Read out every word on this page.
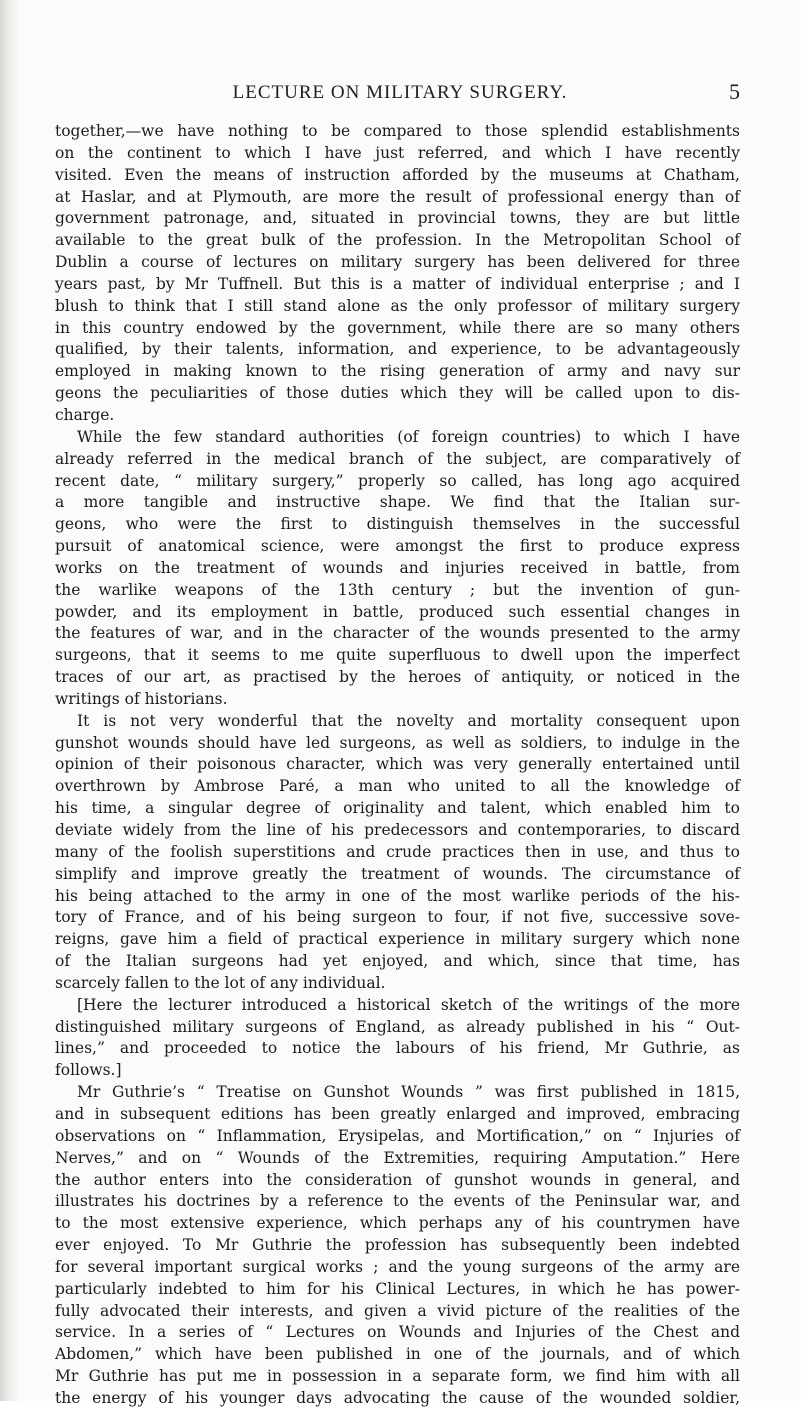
LECTURE ON MILITARY SURGERY.	5
together,—we have nothing to be compared to those splendid establishments
on the continent to which I have just referred, and which I have recently
visited. Even the means of instruction afforded by the museums at Chatham,
at Haslar, and at Plymouth, are more the result of professional energy than of
government patronage, and, situated in provincial towns, they are but little
available to the great bulk of the profession. In the Metropolitan School of
Dublin a course of lectures on military surgery has been delivered for three
years past, by Mr Tuffnell. But this is a matter of individual enterprise ; and I
blush to think that I still stand alone as the only professor of military surgery
in this country endowed by the government, while there are so many others
qualified, by their talents, information, and experience, to be advantageously
employed in making known to the rising generation of army and navy sur
geons the peculiarities of those duties which they will be called upon to dis-
charge.
While the few standard authorities (of foreign countries) to which I have
already referred in the medical branch of the subject, are comparatively of
recent date, “ military surgery,” properly so called, has long ago acquired
a more tangible and instructive shape. We find that the Italian sur-
geons, who were the first to distinguish themselves in the successful
pursuit of anatomical science, were amongst the first to produce express
works on the treatment of wounds and injuries received in battle, from
the warlike weapons of the 13th century ; but the invention of gun-
powder, and its employment in battle, produced such essential changes in
the features of war, and in the character of the wounds presented to the army
surgeons, that it seems to me quite superfluous to dwell upon the imperfect
traces of our art, as practised by the heroes of antiquity, or noticed in the
writings of historians.
It is not very wonderful that the novelty and mortality consequent upon
gunshot wounds should have led surgeons, as well as soldiers, to indulge in the
opinion of their poisonous character, which was very generally entertained until
overthrown by Ambrose Paré, a man who united to all the knowledge of
his time, a singular degree of originality and talent, which enabled him to
deviate widely from the line of his predecessors and contemporaries, to discard
many of the foolish superstitions and crude practices then in use, and thus to
simplify and improve greatly the treatment of wounds. The circumstance of
his being attached to the army in one of the most warlike periods of the his-
tory of France, and of his being surgeon to four, if not five, successive sove-
reigns, gave him a field of practical experience in military surgery which none
of the Italian surgeons had yet enjoyed, and which, since that time, has
scarcely fallen to the lot of any individual.
[Here the lecturer introduced a historical sketch of the writings of the more
distinguished military surgeons of England, as already published in his “ Out-
lines,” and proceeded to notice the labours of his friend, Mr Guthrie, as
follows.]
Mr Guthrie’s “ Treatise on Gunshot Wounds ” was first published in 1815,
and in subsequent editions has been greatly enlarged and improved, embracing
observations on “ Inflammation, Erysipelas, and Mortification,” on “ Injuries of
Nerves,” and on “ Wounds of the Extremities, requiring Amputation.” Here
the author enters into the consideration of gunshot wounds in general, and
illustrates his doctrines by a reference to the events of the Peninsular war, and
to the most extensive experience, which perhaps any of his countrymen have
ever enjoyed. To Mr Guthrie the profession has subsequently been indebted
for several important surgical works ; and the young surgeons of the army are
particularly indebted to him for his Clinical Lectures, in which he has power-
fully advocated their interests, and given a vivid picture of the realities of the
service. In a series of “ Lectures on Wounds and Injuries of the Chest and
Abdomen,” which have been published in one of the journals, and of which
Mr Guthrie has put me in possession in a separate form, we find him with all
the energy of his younger days advocating the cause of the wounded soldier,
